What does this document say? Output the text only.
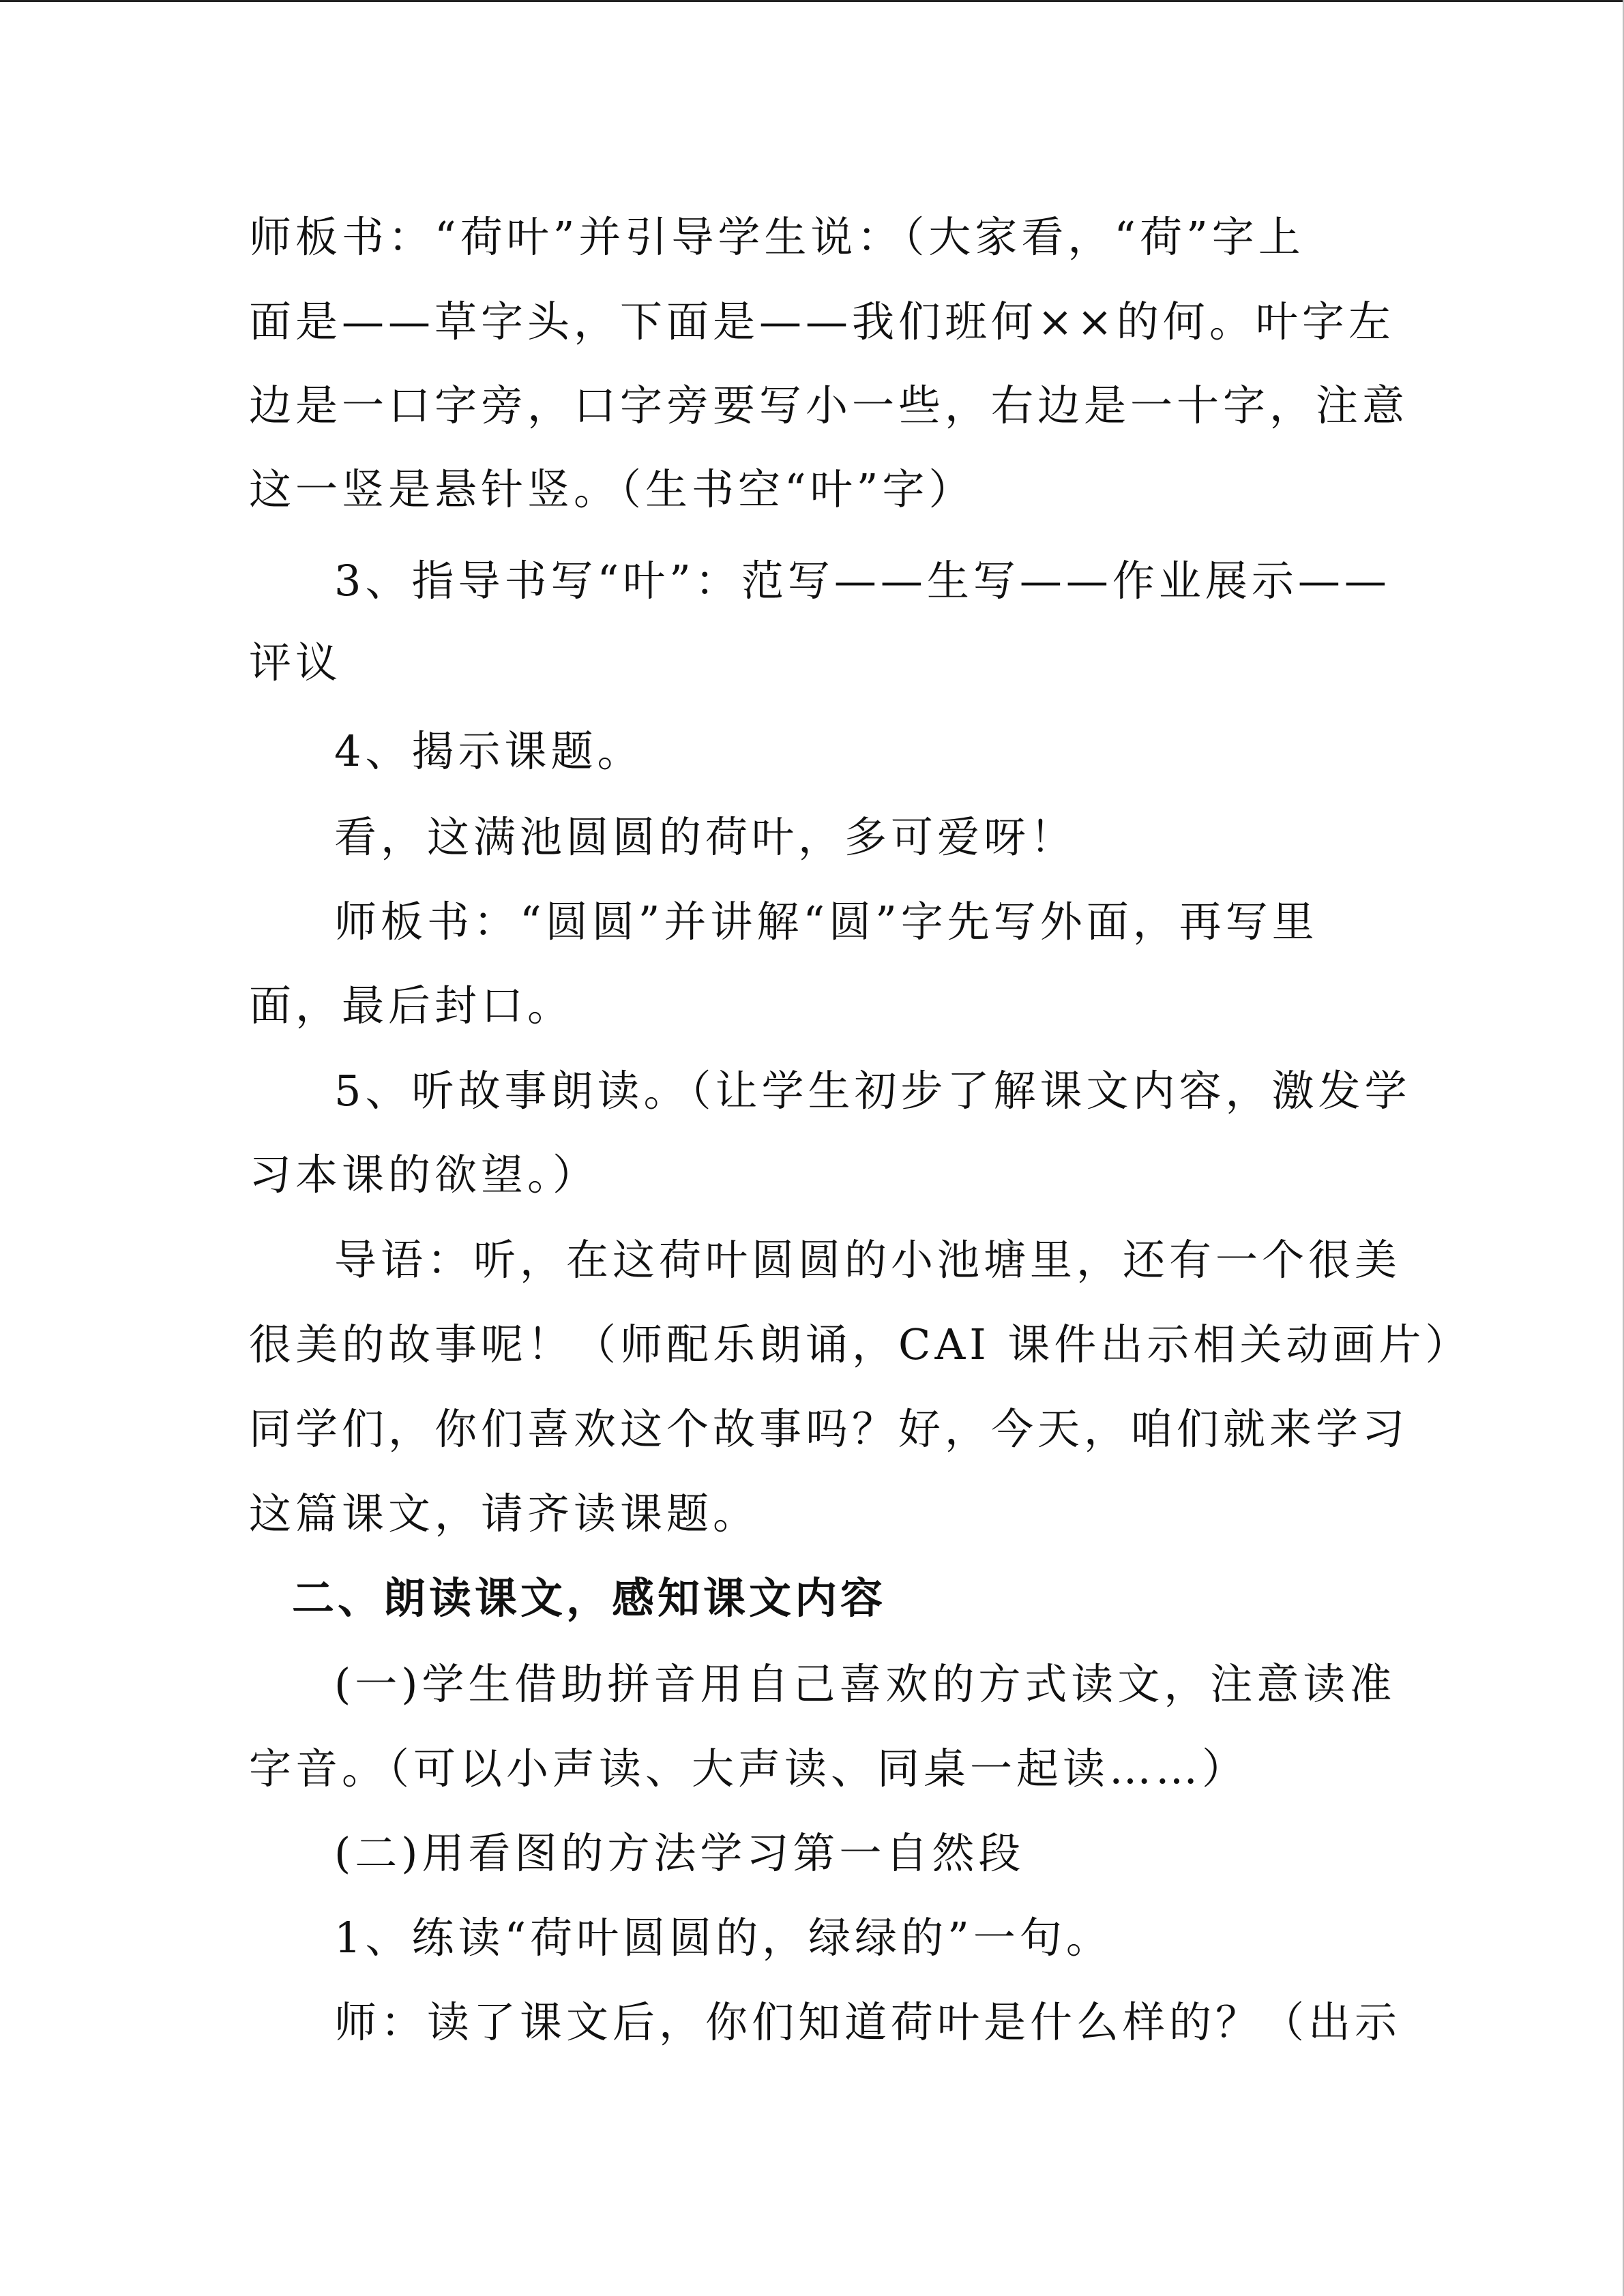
师板书：“荷叶”并引导学生说：（大家看，“荷”字上
面是——草字头，下面是——我们班何××的何。叶字左
边是一口字旁，口字旁要写小一些，右边是一十字，注意
这一竖是悬针竖。（生书空“叶”字）
3、指导书写“叶”：范写——生写——作业展示——
评议
4、揭示课题。
看，这满池圆圆的荷叶，多可爱呀！
师板书：“圆圆”并讲解“圆”字先写外面，再写里
面，最后封口。
5、听故事朗读。（让学生初步了解课文内容，激发学
习本课的欲望。）
导语：听，在这荷叶圆圆的小池塘里，还有一个很美
很美的故事呢！（师配乐朗诵，CAI 课件出示相关动画片）
同学们，你们喜欢这个故事吗？好，今天，咱们就来学习
这篇课文，请齐读课题。
二、朗读课文，感知课文内容
(一)学生借助拼音用自己喜欢的方式读文，注意读准
字音。（可以小声读、大声读、同桌一起读……）
(二)用看图的方法学习第一自然段
1、练读“荷叶圆圆的，绿绿的”一句。
师：读了课文后，你们知道荷叶是什么样的？（出示
